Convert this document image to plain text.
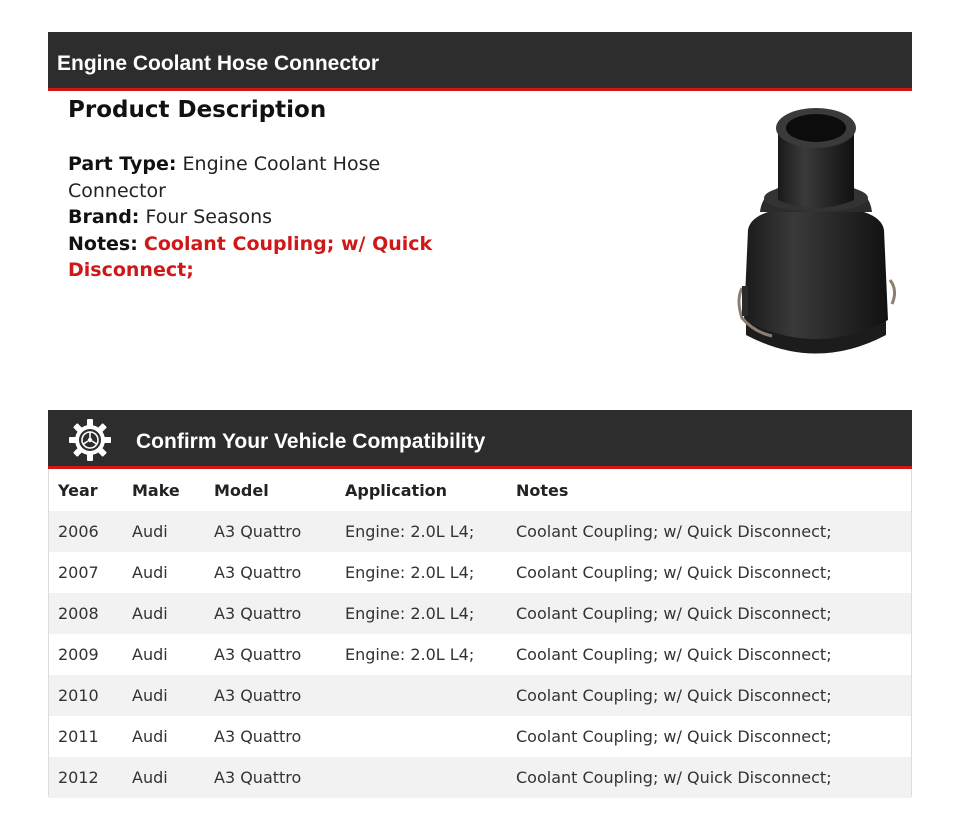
Engine Coolant Hose Connector
Product Description
Part Type: Engine Coolant Hose Connector
Brand: Four Seasons
Notes: Coolant Coupling; w/ Quick Disconnect;
Confirm Your Vehicle Compatibility
Year	Make	Model	Application	Notes
2006	Audi	A3 Quattro	Engine: 2.0L L4;	Coolant Coupling; w/ Quick Disconnect;
2007	Audi	A3 Quattro	Engine: 2.0L L4;	Coolant Coupling; w/ Quick Disconnect;
2008	Audi	A3 Quattro	Engine: 2.0L L4;	Coolant Coupling; w/ Quick Disconnect;
2009	Audi	A3 Quattro	Engine: 2.0L L4;	Coolant Coupling; w/ Quick Disconnect;
2010	Audi	A3 Quattro		Coolant Coupling; w/ Quick Disconnect;
2011	Audi	A3 Quattro		Coolant Coupling; w/ Quick Disconnect;
2012	Audi	A3 Quattro		Coolant Coupling; w/ Quick Disconnect;
